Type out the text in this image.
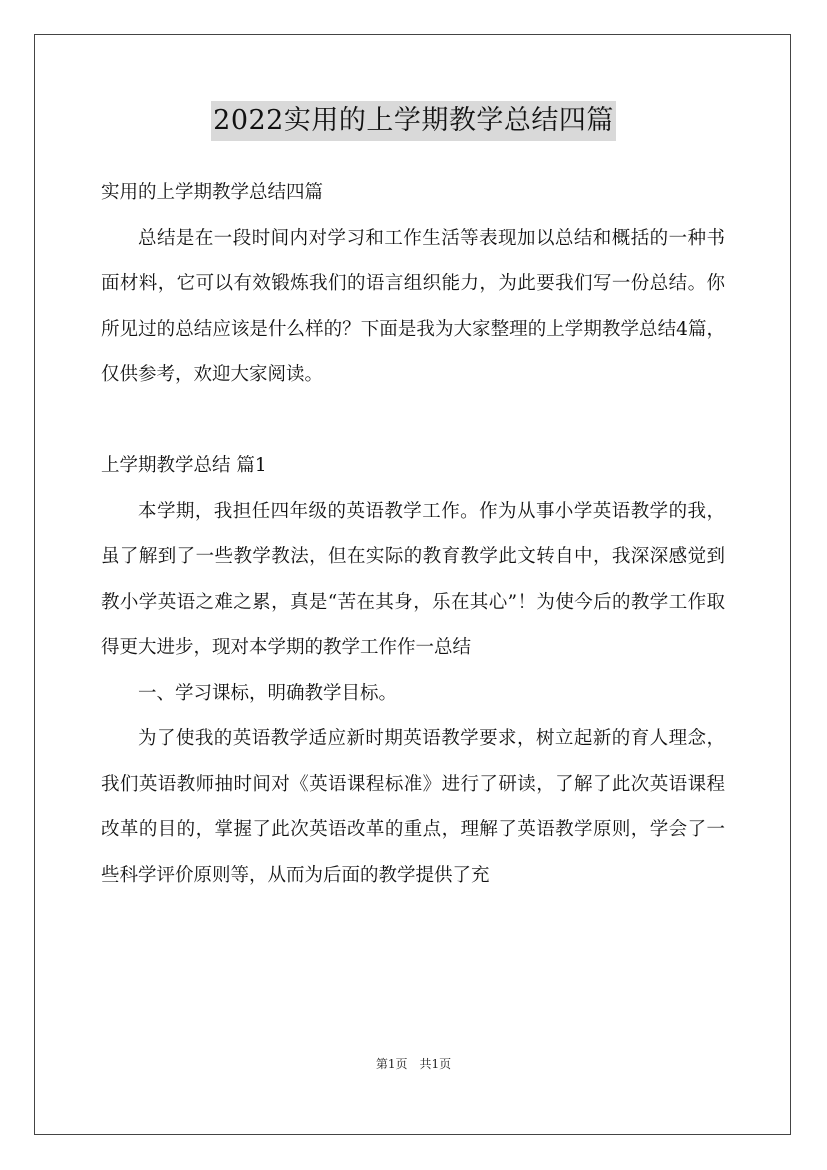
2022实用的上学期教学总结四篇

实用的上学期教学总结四篇

总结是在一段时间内对学习和工作生活等表现加以总结和概括的一种书面材料，它可以有效锻炼我们的语言组织能力，为此要我们写一份总结。你所见过的总结应该是什么样的？下面是我为大家整理的上学期教学总结4篇，仅供参考，欢迎大家阅读。

上学期教学总结 篇1

本学期，我担任四年级的英语教学工作。作为从事小学英语教学的我，虽了解到了一些教学教法，但在实际的教育教学此文转自中，我深深感觉到教小学英语之难之累，真是“苦在其身，乐在其心”！为使今后的教学工作取得更大进步，现对本学期的教学工作作一总结

一、学习课标，明确教学目标。

为了使我的英语教学适应新时期英语教学要求，树立起新的育人理念，我们英语教师抽时间对《英语课程标准》进行了研读，了解了此次英语课程改革的目的，掌握了此次英语改革的重点，理解了英语教学原则，学会了一些科学评价原则等，从而为后面的教学提供了充

第1页　共1页
